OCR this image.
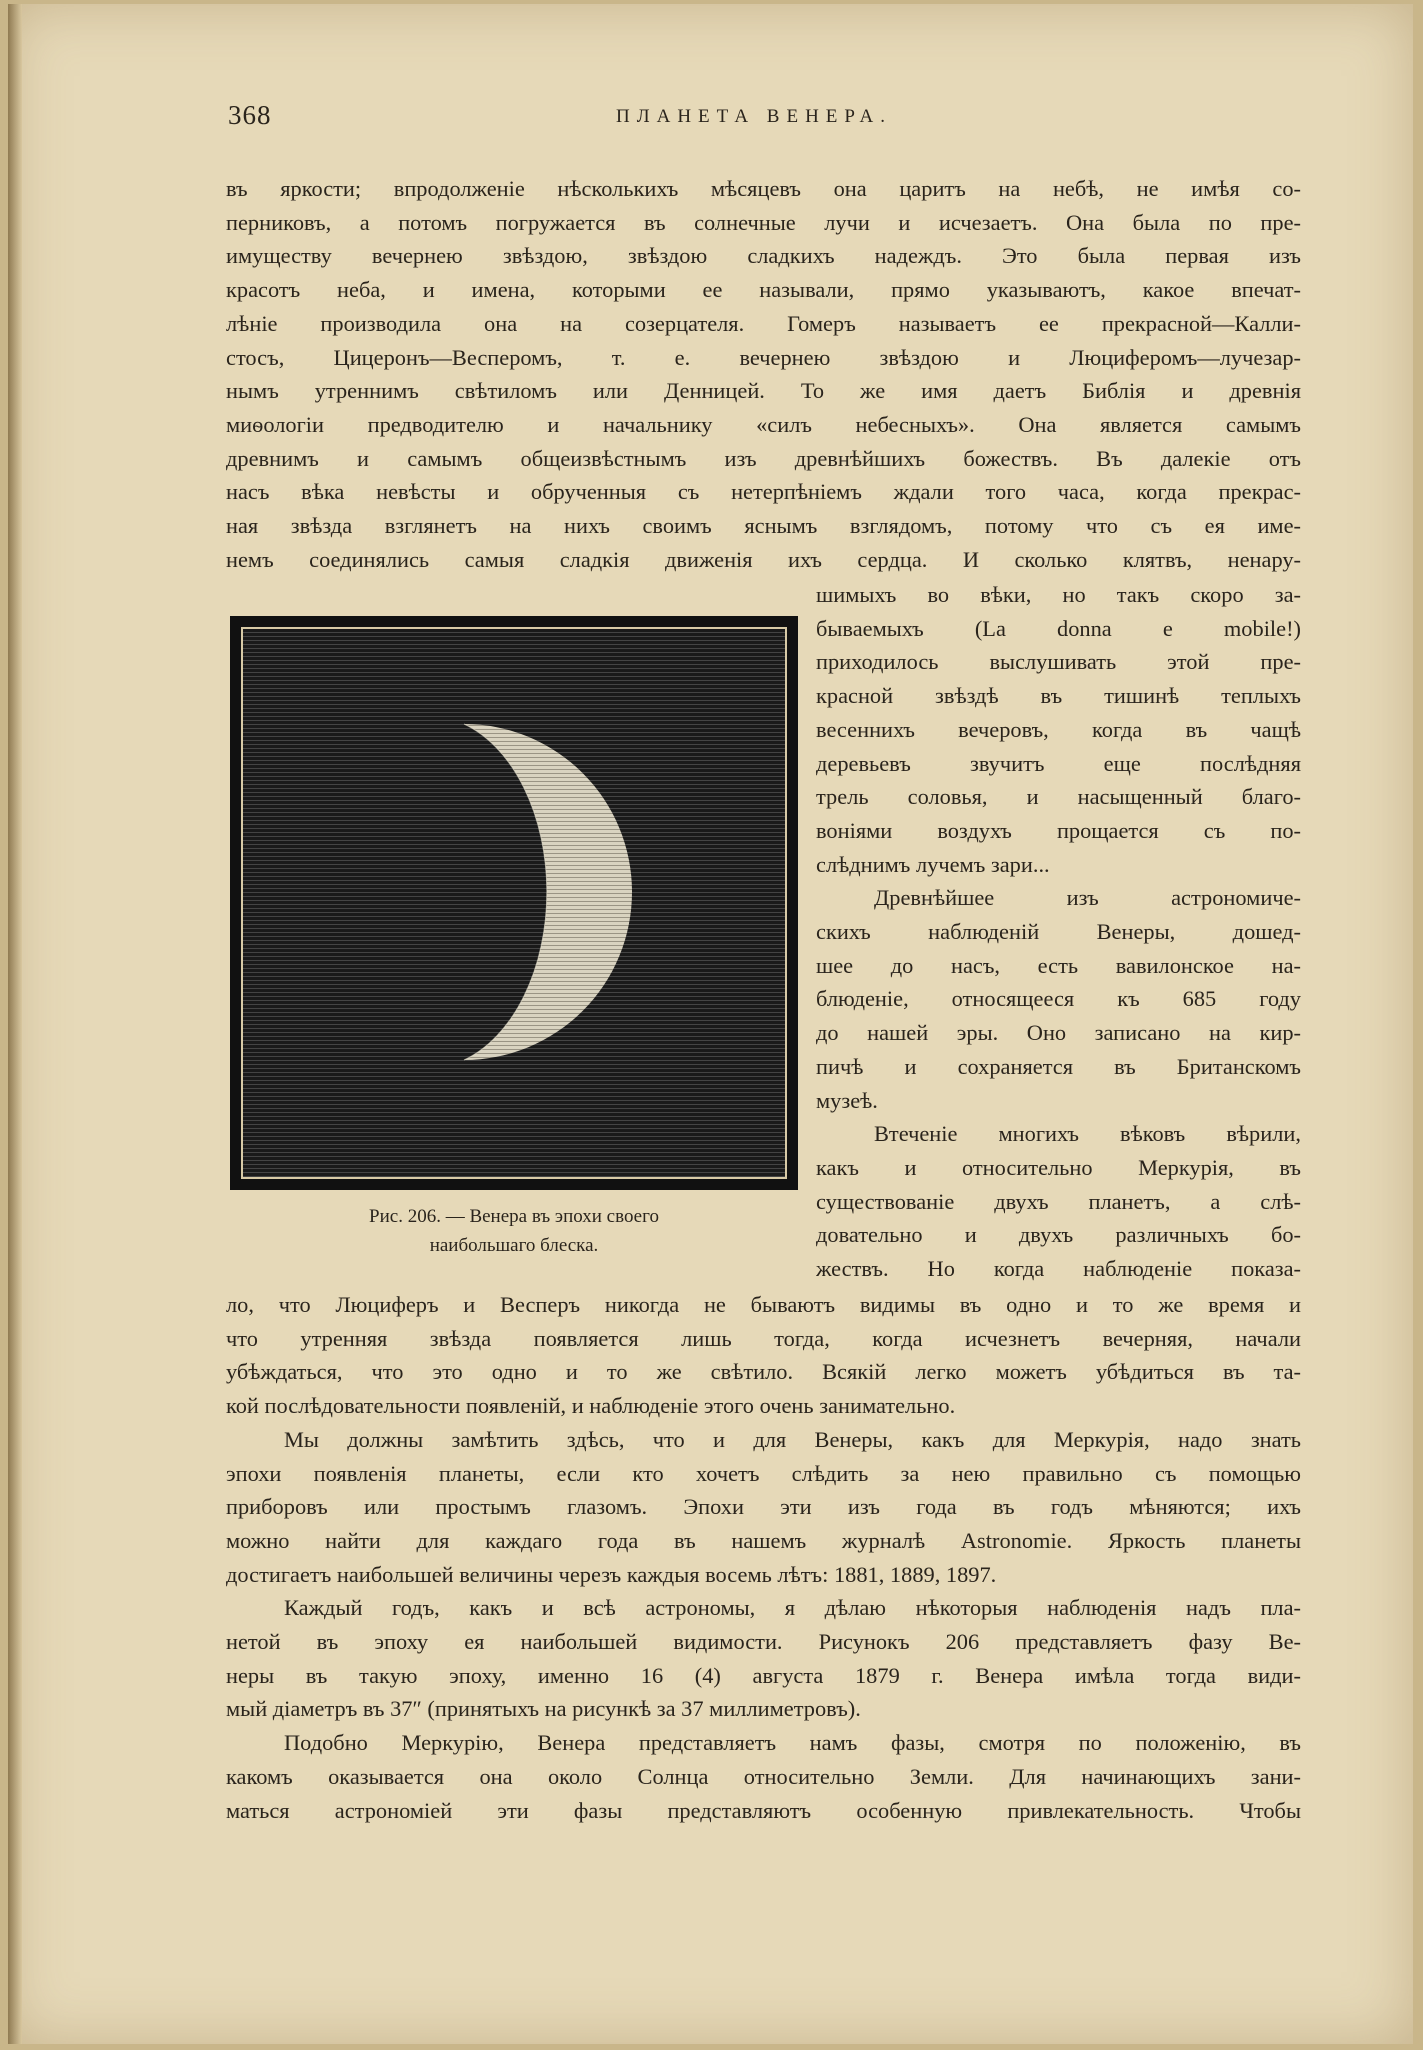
368	ПЛАНЕТА ВЕНЕРА.
въ яркости; впродолженіе нѣсколькихъ мѣсяцевъ она царитъ на небѣ, не имѣя со-
перниковъ, а потомъ погружается въ солнечные лучи и исчезаетъ. Она была по пре-
имуществу вечернею звѣздою, звѣздою сладкихъ надеждъ. Это была первая изъ
красотъ неба, и имена, которыми ее называли, прямо указываютъ, какое впечат-
лѣніе производила она на созерцателя. Гомеръ называетъ ее прекрасной—Калли-
стосъ, Цицеронъ—Весперомъ, т. е. вечернею звѣздою и Люциферомъ—лучезар-
нымъ утреннимъ свѣтиломъ или Денницей. То же имя даетъ Библія и древнія
миѳологіи предводителю и начальнику «силъ небесныхъ». Она является самымъ
древнимъ и самымъ общеизвѣстнымъ изъ древнѣйшихъ божествъ. Въ далекіе отъ
насъ вѣка невѣсты и обрученныя съ нетерпѣніемъ ждали того часа, когда прекрас-
ная звѣзда взглянетъ на нихъ своимъ яснымъ взглядомъ, потому что съ ея име-
немъ соединялись самыя сладкія движенія ихъ сердца. И сколько клятвъ, ненару-
Рис. 206. — Венера въ эпохи своего
наибольшаго блеска.
шимыхъ во вѣки, но такъ скоро за-
бываемыхъ (La donna e mobile!)
приходилось выслушивать этой пре-
красной звѣздѣ въ тишинѣ теплыхъ
весеннихъ вечеровъ, когда въ чащѣ
деревьевъ звучитъ еще послѣдняя
трель соловья, и насыщенный благо-
воніями воздухъ прощается съ по-
слѣднимъ лучемъ зари...
Древнѣйшее изъ астрономиче-
скихъ наблюденій Венеры, дошед-
шее до насъ, есть вавилонское на-
блюденіе, относящееся къ 685 году
до нашей эры. Оно записано на кир-
пичѣ и сохраняется въ Британскомъ
музеѣ.
Втеченіе многихъ вѣковъ вѣрили,
какъ и относительно Меркурія, въ
существованіе двухъ планетъ, а слѣ-
довательно и двухъ различныхъ бо-
жествъ. Но когда наблюденіе показа-
ло, что Люциферъ и Весперъ никогда не бываютъ видимы въ одно и то же время и
что утренняя звѣзда появляется лишь тогда, когда исчезнетъ вечерняя, начали
убѣждаться, что это одно и то же свѣтило. Всякій легко можетъ убѣдиться въ та-
кой послѣдовательности появленій, и наблюденіе этого очень занимательно.
Мы должны замѣтить здѣсь, что и для Венеры, какъ для Меркурія, надо знать
эпохи появленія планеты, если кто хочетъ слѣдить за нею правильно съ помощью
приборовъ или простымъ глазомъ. Эпохи эти изъ года въ годъ мѣняются; ихъ
можно найти для каждаго года въ нашемъ журналѣ Astronomie. Яркость планеты
достигаетъ наибольшей величины черезъ каждыя восемь лѣтъ: 1881, 1889, 1897.
Каждый годъ, какъ и всѣ астрономы, я дѣлаю нѣкоторыя наблюденія надъ пла-
нетой въ эпоху ея наибольшей видимости. Рисунокъ 206 представляетъ фазу Ве-
неры въ такую эпоху, именно 16 (4) августа 1879 г. Венера имѣла тогда види-
мый діаметръ въ 37″ (принятыхъ на рисункѣ за 37 миллиметровъ).
Подобно Меркурію, Венера представляетъ намъ фазы, смотря по положенію, въ
какомъ оказывается она около Солнца относительно Земли. Для начинающихъ зани-
маться астрономіей эти фазы представляютъ особенную привлекательность. Чтобы
